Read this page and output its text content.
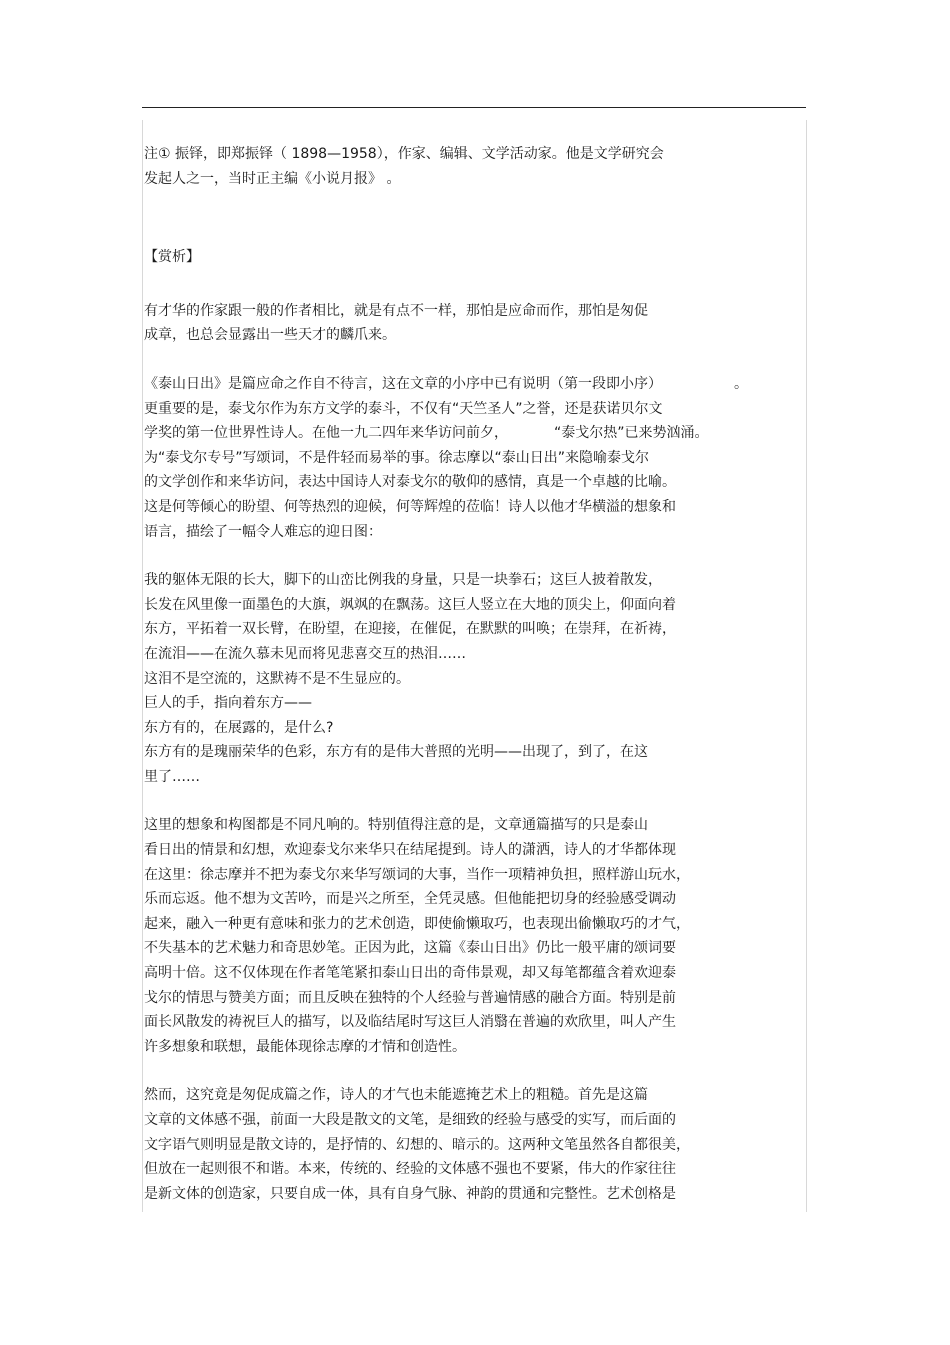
注① 振铎，即郑振铎（ 1898—1958），作家、编辑、文学活动家。他是文学研究会
发起人之一，当时正主编《小说月报》 。
【赏析】
有才华的作家跟一般的作者相比，就是有点不一样，那怕是应命而作，那怕是匆促
成章，也总会显露出一些天才的麟爪来。
《泰山日出》是篇应命之作自不待言，这在文章的小序中已有说明（第一段即小序）	。
更重要的是，泰戈尔作为东方文学的泰斗，不仅有“天竺圣人”之誉，还是获诺贝尔文
学奖的第一位世界性诗人。在他一九二四年来华访问前夕，	“泰戈尔热”已来势汹涌。
为“泰戈尔专号”写颂词，不是件轻而易举的事。徐志摩以“泰山日出”来隐喻泰戈尔
的文学创作和来华访问，表达中国诗人对泰戈尔的敬仰的感情，真是一个卓越的比喻。
这是何等倾心的盼望、何等热烈的迎候，何等辉煌的莅临！诗人以他才华横溢的想象和
语言，描绘了一幅令人难忘的迎日图：
我的躯体无限的长大，脚下的山峦比例我的身量，只是一块拳石；这巨人披着散发，
长发在风里像一面墨色的大旗，飒飒的在飘荡。这巨人竖立在大地的顶尖上，仰面向着
东方，平拓着一双长臂，在盼望，在迎接，在催促，在默默的叫唤；在崇拜，在祈祷，
在流泪——在流久慕未见而将见悲喜交互的热泪……
这泪不是空流的，这默祷不是不生显应的。
巨人的手，指向着东方——
东方有的，在展露的，是什么?
东方有的是瑰丽荣华的色彩，东方有的是伟大普照的光明——出现了，到了，在这
里了……
这里的想象和构图都是不同凡响的。特别值得注意的是，文章通篇描写的只是泰山
看日出的情景和幻想，欢迎泰戈尔来华只在结尾提到。诗人的潇洒，诗人的才华都体现
在这里：徐志摩并不把为泰戈尔来华写颂词的大事，当作一项精神负担，照样游山玩水，
乐而忘返。他不想为文苦吟，而是兴之所至，全凭灵感。但他能把切身的经验感受调动
起来，融入一种更有意味和张力的艺术创造，即使偷懒取巧，也表现出偷懒取巧的才气，
不失基本的艺术魅力和奇思妙笔。正因为此，这篇《泰山日出》仍比一般平庸的颂词要
高明十倍。这不仅体现在作者笔笔紧扣泰山日出的奇伟景观，却又每笔都蕴含着欢迎泰
戈尔的情思与赞美方面；而且反映在独特的个人经验与普遍情感的融合方面。特别是前
面长风散发的祷祝巨人的描写，以及临结尾时写这巨人消翳在普遍的欢欣里，叫人产生
许多想象和联想，最能体现徐志摩的才情和创造性。
然而，这究竟是匆促成篇之作，诗人的才气也未能遮掩艺术上的粗糙。首先是这篇
文章的文体感不强，前面一大段是散文的文笔，是细致的经验与感受的实写，而后面的
文字语气则明显是散文诗的，是抒情的、幻想的、暗示的。这两种文笔虽然各自都很美，
但放在一起则很不和谐。本来，传统的、经验的文体感不强也不要紧，伟大的作家往往
是新文体的创造家，只要自成一体，具有自身气脉、神韵的贯通和完整性。艺术创格是
